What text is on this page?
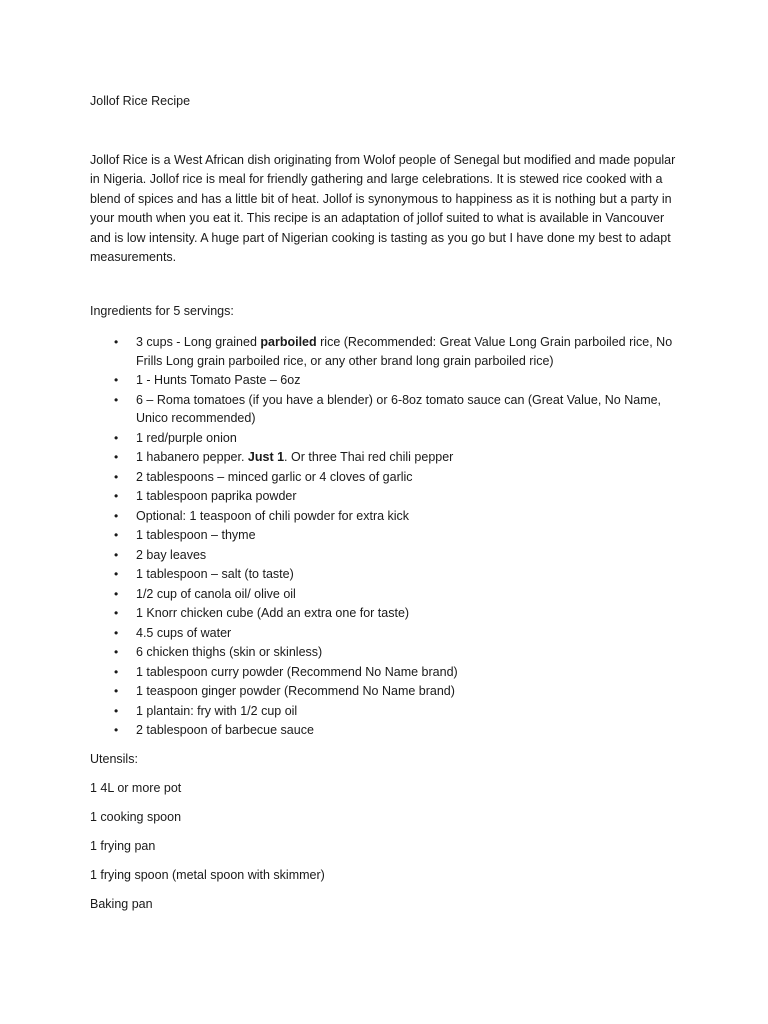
Jollof Rice Recipe

Jollof Rice is a West African dish originating from Wolof people of Senegal but modified and made popular in Nigeria. Jollof rice is meal for friendly gathering and large celebrations. It is stewed rice cooked with a blend of spices and has a little bit of heat. Jollof is synonymous to happiness as it is nothing but a party in your mouth when you eat it. This recipe is an adaptation of jollof suited to what is available in Vancouver and is low intensity. A huge part of Nigerian cooking is tasting as you go but I have done my best to adapt measurements.

Ingredients for 5 servings:

• 3 cups - Long grained parboiled rice (Recommended: Great Value Long Grain parboiled rice, No Frills Long grain parboiled rice, or any other brand long grain parboiled rice)
• 1 - Hunts Tomato Paste – 6oz
• 6 – Roma tomatoes (if you have a blender) or 6-8oz tomato sauce can (Great Value, No Name, Unico recommended)
• 1 red/purple onion
• 1 habanero pepper. Just 1. Or three Thai red chili pepper
• 2 tablespoons – minced garlic or 4 cloves of garlic
• 1 tablespoon paprika powder
• Optional: 1 teaspoon of chili powder for extra kick
• 1 tablespoon – thyme
• 2 bay leaves
• 1 tablespoon – salt (to taste)
• 1/2 cup of canola oil/ olive oil
• 1 Knorr chicken cube (Add an extra one for taste)
• 4.5 cups of water
• 6 chicken thighs (skin or skinless)
• 1 tablespoon curry powder (Recommend No Name brand)
• 1 teaspoon ginger powder (Recommend No Name brand)
• 1 plantain: fry with 1/2 cup oil
• 2 tablespoon of barbecue sauce

Utensils:

1 4L or more pot

1 cooking spoon

1 frying pan

1 frying spoon (metal spoon with skimmer)

Baking pan
